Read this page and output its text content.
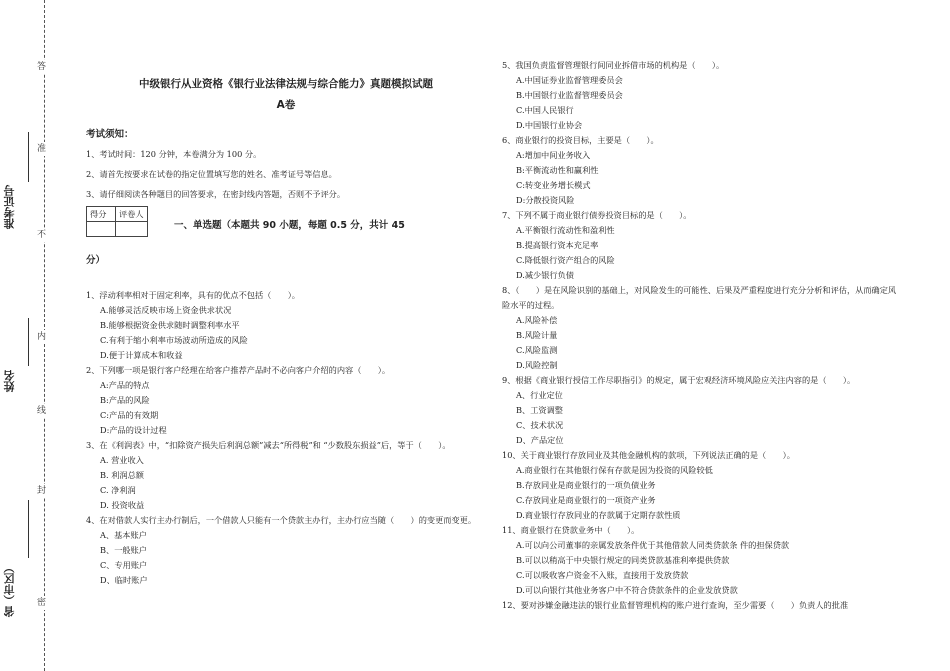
答
准
不
内
线
封
密
准考证号
姓名
省（市区）
中级银行从业资格《银行业法律法规与综合能力》真题模拟试题
A卷
考试须知：
1、考试时间：120 分钟，本卷满分为 100 分。
2、请首先按要求在试卷的指定位置填写您的姓名、准考证号等信息。
3、请仔细阅读各种题目的回答要求，在密封线内答题，否则不予评分。
得分	评卷人

一、单选题（本题共 90 小题，每题 0.5 分，共计 45
分）
1、浮动利率相对于固定利率，具有的优点不包括（　　）。
A.能够灵活反映市场上资金供求状况
B.能够根据资金供求随时调整利率水平
C.有利于缩小利率市场波动所造成的风险
D.便于计算成本和收益
2、下列哪一项是银行客户经理在给客户推荐产品时不必向客户介绍的内容（　　）。
A:产品的特点
B:产品的风险
C:产品的有效期
D:产品的设计过程
3、在《利润表》中，“扣除资产损失后利润总额”减去“所得税”和 “少数股东损益”后，等于（　　）。
A. 营业收入
B. 利润总额
C. 净利润
D. 投资收益
4、在对借款人实行主办行制后，一个借款人只能有一个贷款主办行，主办行应当随（　　）的变更而变更。
A、基本账户
B、一般账户
C、专用账户
D、临时账户
5、我国负责监督管理银行间同业拆借市场的机构是（　　）。
A.中国证券业监督管理委员会
B.中国银行业监督管理委员会
C.中国人民银行
D.中国银行业协会
6、商业银行的投资目标，主要是（　　）。
A:增加中间业务收入
B:平衡流动性和赢利性
C:转变业务增长模式
D:分散投资风险
7、下列不属于商业银行债券投资目标的是（　　）。
A.平衡银行流动性和盈利性
B.提高银行资本充足率
C.降低银行资产组合的风险
D.减少银行负债
8、（　　）是在风险识别的基础上，对风险发生的可能性、后果及严重程度进行充分分析和评估，从而确定风险水平的过程。
A.风险补偿
B.风险计量
C.风险监测
D.风险控制
9、根据《商业银行授信工作尽职指引》的规定，属于宏观经济环境风险应关注内容的是（　　）。
A、行业定位
B、工资调整
C、技术状况
D、产品定位
10、关于商业银行存放同业及其他金融机构的款项，下列说法正确的是（　　）。
A.商业银行在其他银行保有存款是因为投资的风险较低
B.存放同业是商业银行的一项负债业务
C.存放同业是商业银行的一项资产业务
D.商业银行存放同业的存款属于定期存款性质
11、商业银行在贷款业务中（　　）。
A.可以向公司董事的亲属发放条件优于其他借款人同类贷款条 件的担保贷款
B.可以以稍高于中央银行规定的同类贷款基准利率提供贷款
C.可以吸收客户资金不入账，直接用于发放贷款
D.可以向银行其他业务客户中不符合贷款条件的企业发放贷款
12、要对涉嫌金融违法的银行业监督管理机构的账户进行查询，至少需要（　　）负责人的批准
